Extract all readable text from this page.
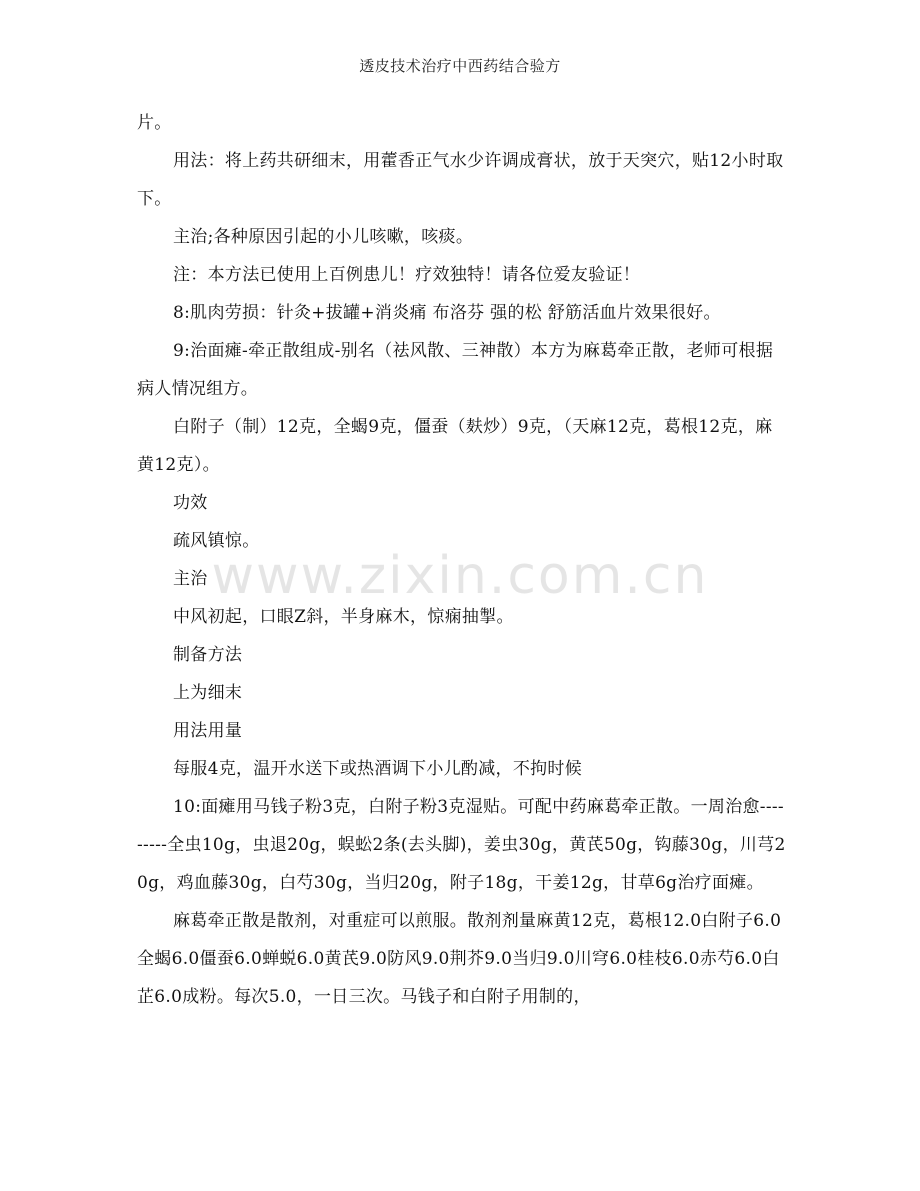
透皮技术治疗中西药结合验方

片。

用法：将上药共研细末，用藿香正气水少许调成膏状，放于天突穴，贴12小时取下。

主治;各种原因引起的小儿咳嗽，咳痰。

注：本方法已使用上百例患儿！疗效独特！请各位爱友验证！

8:肌肉劳损：针灸+拔罐+消炎痛 布洛芬 强的松 舒筋活血片效果很好。

9:治面瘫-牵正散组成-别名（祛风散、三神散）本方为麻葛牵正散，老师可根据病人情况组方。

白附子（制）12克，全蝎9克，僵蚕（麸炒）9克，（天麻12克，葛根12克，麻黄12克）。

功效

疏风镇惊。

主治

中风初起，口眼Z斜，半身麻木，惊痫抽掣。

制备方法

上为细末

用法用量

每服4克，温开水送下或热酒调下小儿酌减，不拘时候

10:面瘫用马钱子粉3克，白附子粉3克湿贴。可配中药麻葛牵正散。一周治愈---------全虫10g，虫退20g，蜈蚣2条(去头脚)，姜虫30g，黄芪50g，钩藤30g，川芎20g，鸡血藤30g，白芍30g，当归20g，附子18g，干姜12g，甘草6g治疗面瘫。

麻葛牵正散是散剂，对重症可以煎服。散剂剂量麻黄12克，葛根12.0白附子6.0全蝎6.0僵蚕6.0蝉蜕6.0黄芪9.0防风9.0荆芥9.0当归9.0川穹6.0桂枝6.0赤芍6.0白芷6.0成粉。每次5.0，一日三次。马钱子和白附子用制的，

www.zixin.com.cn
